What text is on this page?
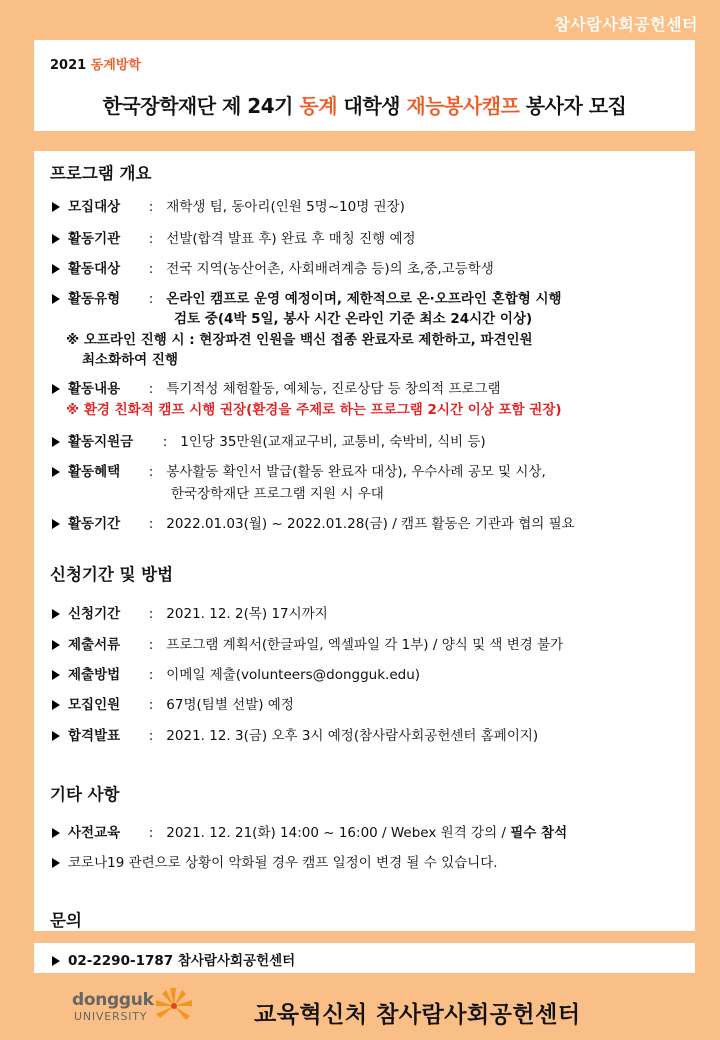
참사람사회공헌센터
2021 동계방학
한국장학재단 제 24기 동계 대학생 재능봉사캠프 봉사자 모집
프로그램 개요
모집대상 : 재학생 팀, 동아리(인원 5명~10명 권장)
활동기관 : 선발(합격 발표 후) 완료 후 매칭 진행 예정
활동대상 : 전국 지역(농산어촌, 사회배려계층 등)의 초,중,고등학생
활동유형 : 온라인 캠프로 운영 예정이며, 제한적으로 온·오프라인 혼합형 시행
검토 중(4박 5일, 봉사 시간 온라인 기준 최소 24시간 이상)
※ 오프라인 진행 시 : 현장파견 인원을 백신 접종 완료자로 제한하고, 파견인원
최소화하여 진행
활동내용 : 특기적성 체험활동, 예체능, 진로상담 등 창의적 프로그램
※ 환경 친화적 캠프 시행 권장(환경을 주제로 하는 프로그램 2시간 이상 포함 권장)
활동지원금 : 1인당 35만원(교재교구비, 교통비, 숙박비, 식비 등)
활동혜택 : 봉사활동 확인서 발급(활동 완료자 대상), 우수사례 공모 및 시상,
한국장학재단 프로그램 지원 시 우대
활동기간 : 2022.01.03(월) ~ 2022.01.28(금) / 캠프 활동은 기관과 협의 필요
신청기간 및 방법
신청기간 : 2021. 12. 2(목) 17시까지
제출서류 : 프로그램 계획서(한글파일, 엑셀파일 각 1부) / 양식 및 색 변경 불가
제출방법 : 이메일 제출(volunteers@dongguk.edu)
모집인원 : 67명(팀별 선발) 예정
합격발표 : 2021. 12. 3(금) 오후 3시 예정(참사람사회공헌센터 홈페이지)
기타 사항
사전교육 : 2021. 12. 21(화) 14:00 ~ 16:00 / Webex 원격 강의 / 필수 참석
코로나19 관련으로 상황이 악화될 경우 캠프 일정이 변경 될 수 있습니다.
문의
02-2290-1787 참사람사회공헌센터
dongguk
UNIVERSITY	교육혁신처 참사람사회공헌센터
